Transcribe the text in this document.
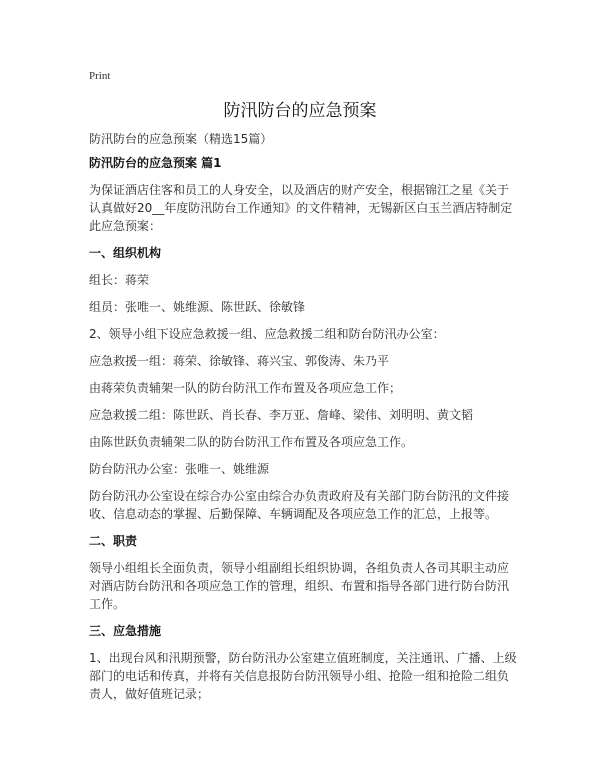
Print
防汛防台的应急预案

防汛防台的应急预案（精选15篇）

防汛防台的应急预案 篇1

为保证酒店住客和员工的人身安全，以及酒店的财产安全，根据锦江之星《关于认真做好20__年度防汛防台工作通知》的文件精神，无锡新区白玉兰酒店特制定此应急预案：

一、组织机构

组长：蒋荣

组员：张唯一、姚维源、陈世跃、徐敏锋

2、领导小组下设应急救援一组、应急救援二组和防台防汛办公室：

应急救援一组：蒋荣、徐敏锋、蒋兴宝、郭俊涛、朱乃平

由蒋荣负责辅架一队的防台防汛工作布置及各项应急工作；

应急救援二组：陈世跃、肖长春、李万亚、詹峰、梁伟、刘明明、黄文韬

由陈世跃负责辅架二队的防台防汛工作布置及各项应急工作。

防台防汛办公室：张唯一、姚维源

防台防汛办公室设在综合办公室由综合办负责政府及有关部门防台防汛的文件接收、信息动态的掌握、后勤保障、车辆调配及各项应急工作的汇总，上报等。

二、职责

领导小组组长全面负责，领导小组副组长组织协调，各组负责人各司其职主动应对酒店防台防汛和各项应急工作的管理，组织、布置和指导各部门进行防台防汛工作。

三、应急措施

1、出现台风和汛期预警，防台防汛办公室建立值班制度，关注通讯、广播、上级部门的电话和传真，并将有关信息报防台防汛领导小组、抢险一组和抢险二组负责人，做好值班记录；
